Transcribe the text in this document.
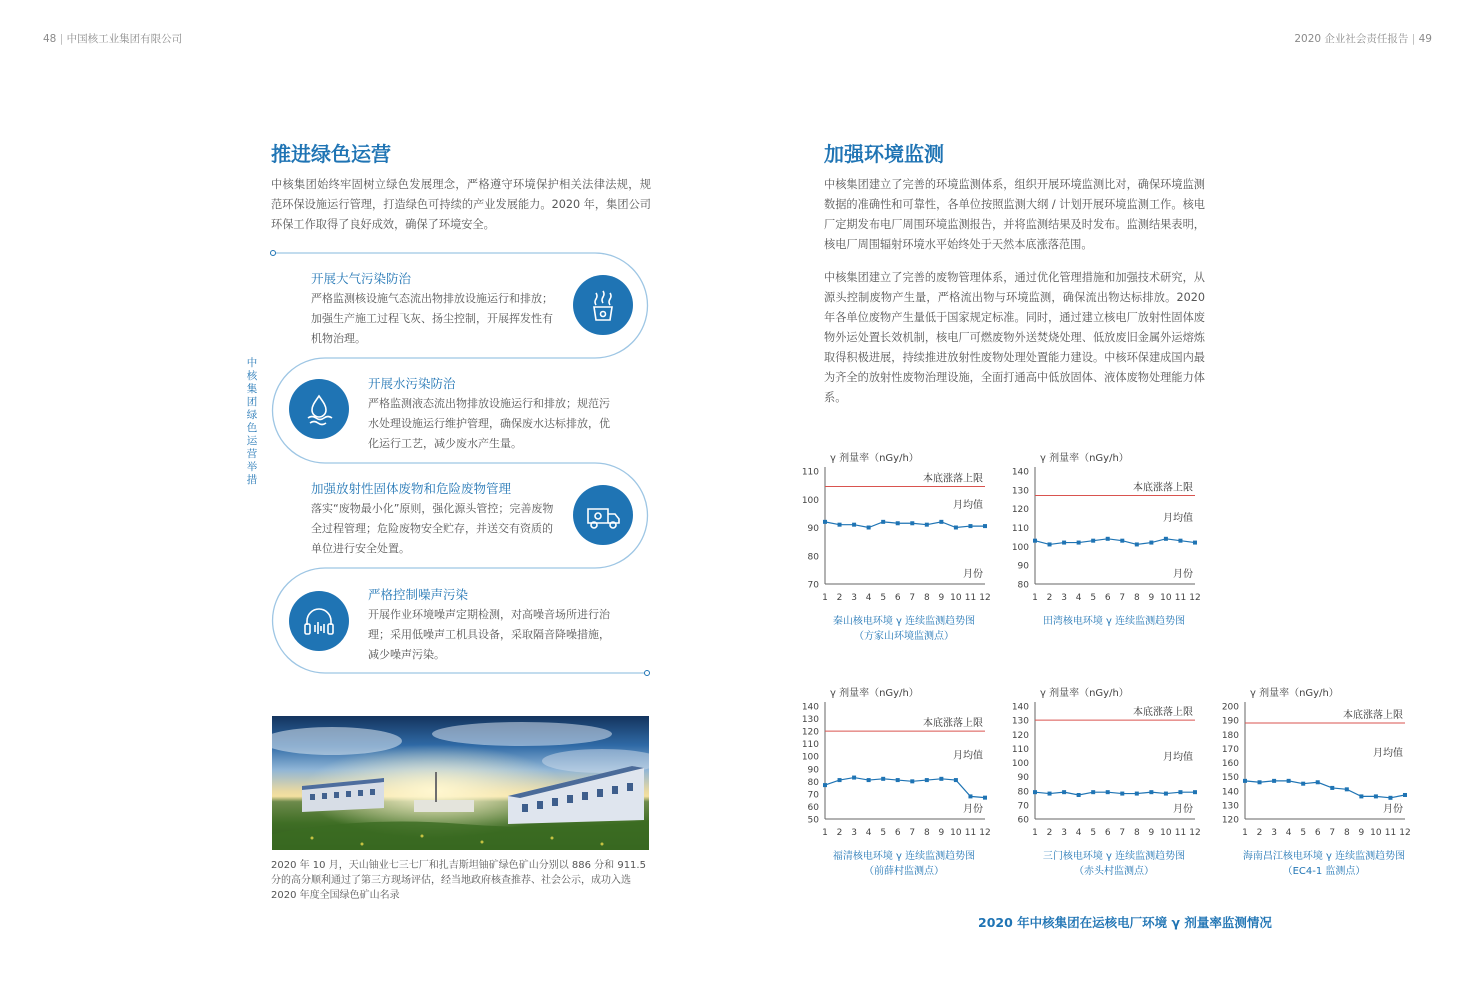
48 | 中国核工业集团有限公司	2020 企业社会责任报告 | 49
推进绿色运营
中核集团始终牢固树立绿色发展理念，严格遵守环境保护相关法律法规，规范环保设施运行管理，打造绿色可持续的产业发展能力。2020 年，集团公司环保工作取得了良好成效，确保了环境安全。
中核集团绿色运营举措
开展大气污染防治
严格监测核设施气态流出物排放设施运行和排放；加强生产施工过程飞灰、扬尘控制，开展挥发性有机物治理。
开展水污染防治
严格监测液态流出物排放设施运行和排放；规范污水处理设施运行维护管理，确保废水达标排放，优化运行工艺，减少废水产生量。
加强放射性固体废物和危险废物管理
落实“废物最小化”原则，强化源头管控；完善废物全过程管理；危险废物安全贮存，并送交有资质的单位进行安全处置。
严格控制噪声污染
开展作业环境噪声定期检测，对高噪音场所进行治理；采用低噪声工机具设备，采取隔音降噪措施，减少噪声污染。
2020 年 10 月，天山铀业七三七厂和扎吉斯坦铀矿绿色矿山分别以 886 分和 911.5 分的高分顺利通过了第三方现场评估，经当地政府核查推荐、社会公示，成功入选 2020 年度全国绿色矿山名录
加强环境监测
中核集团建立了完善的环境监测体系，组织开展环境监测比对，确保环境监测数据的准确性和可靠性，各单位按照监测大纲 / 计划开展环境监测工作。核电厂定期发布电厂周围环境监测报告，并将监测结果及时发布。监测结果表明，核电厂周围辐射环境水平始终处于天然本底涨落范围。
中核集团建立了完善的废物管理体系，通过优化管理措施和加强技术研究，从源头控制废物产生量，严格流出物与环境监测，确保流出物达标排放。2020 年各单位废物产生量低于国家规定标准。同时，通过建立核电厂放射性固体废物外运处置长效机制，核电厂可燃废物外送焚烧处理、低放废旧金属外运熔炼取得积极进展，持续推进放射性废物处理处置能力建设。中核环保建成国内最为齐全的放射性废物治理设施，全面打通高中低放固体、液体废物处理能力体系。
γ 剂量率（nGy/h）
110
100
90
80
70
1 2 3 4 5 6 7 8 9 10 11 12
本底涨落上限
月均值
月份
γ 剂量率（nGy/h）
140
130
120
110
100
90
80
1 2 3 4 5 6 7 8 9 10 11 12
本底涨落上限
月均值
月份
γ 剂量率（nGy/h）
140
130
120
110
100
90
80
70
60
50
1 2 3 4 5 6 7 8 9 10 11 12
本底涨落上限
月均值
月份
γ 剂量率（nGy/h）
140
130
120
110
100
90
80
70
60
1 2 3 4 5 6 7 8 9 10 11 12
本底涨落上限
月均值
月份
γ 剂量率（nGy/h）
200
190
180
170
160
150
140
130
120
1 2 3 4 5 6 7 8 9 10 11 12
本底涨落上限
月均值
月份
秦山核电环境 γ 连续监测趋势图
（方家山环境监测点）
田湾核电环境 γ 连续监测趋势图
福清核电环境 γ 连续监测趋势图
（前薛村监测点）
三门核电环境 γ 连续监测趋势图
（赤头村监测点）
海南昌江核电环境 γ 连续监测趋势图
（EC4-1 监测点）
2020 年中核集团在运核电厂环境 γ 剂量率监测情况
